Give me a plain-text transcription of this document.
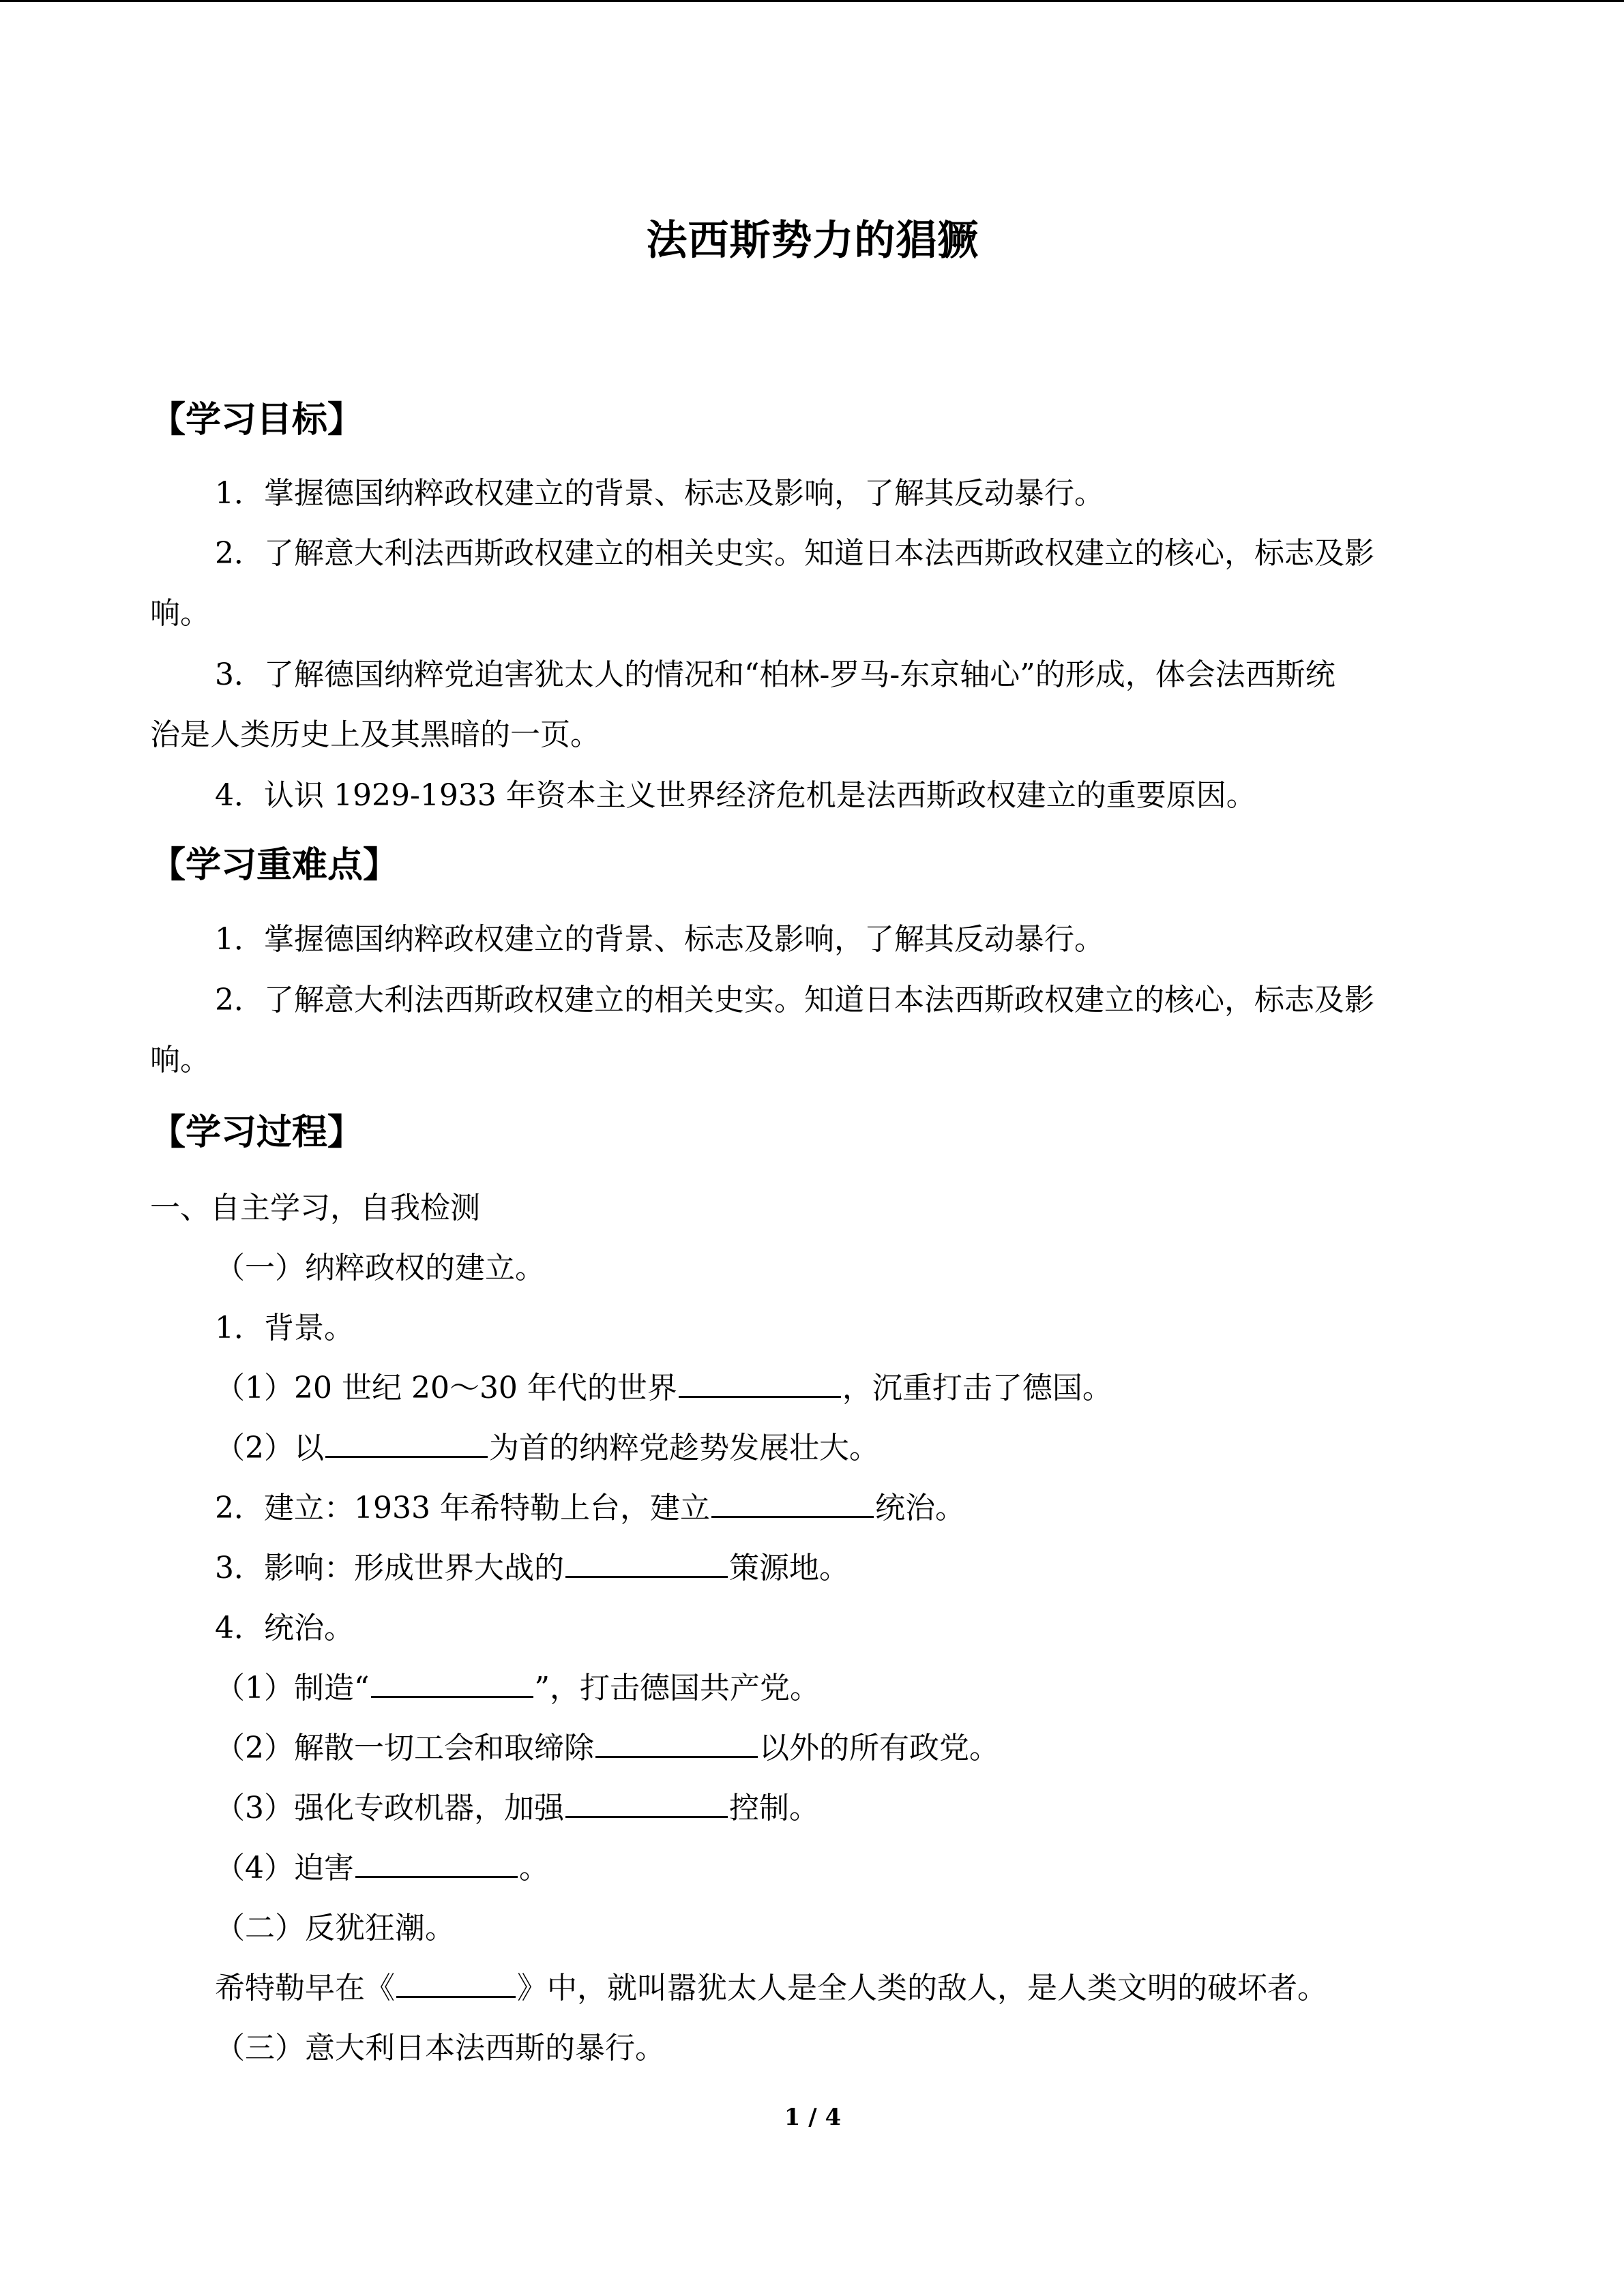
法西斯势力的猖獗
【学习目标】
1．掌握德国纳粹政权建立的背景、标志及影响，了解其反动暴行。
2．了解意大利法西斯政权建立的相关史实。知道日本法西斯政权建立的核心，标志及影
响。
3．了解德国纳粹党迫害犹太人的情况和“柏林-罗马-东京轴心”的形成，体会法西斯统
治是人类历史上及其黑暗的一页。
4．认识 1929-1933 年资本主义世界经济危机是法西斯政权建立的重要原因。
【学习重难点】
1．掌握德国纳粹政权建立的背景、标志及影响，了解其反动暴行。
2．了解意大利法西斯政权建立的相关史实。知道日本法西斯政权建立的核心，标志及影
响。
【学习过程】
一、自主学习，自我检测
（一）纳粹政权的建立。
1．背景。
（1）20 世纪 20～30 年代的世界	，沉重打击了德国。
（2）以	为首的纳粹党趁势发展壮大。
2．建立：1933 年希特勒上台，建立	统治。
3．影响：形成世界大战的	策源地。
4．统治。
（1）制造“	”，打击德国共产党。
（2）解散一切工会和取缔除	以外的所有政党。
（3）强化专政机器，加强	控制。
（4）迫害	。
（二）反犹狂潮。
希特勒早在《	》中，就叫嚣犹太人是全人类的敌人，是人类文明的破坏者。
（三）意大利日本法西斯的暴行。
1 / 4
